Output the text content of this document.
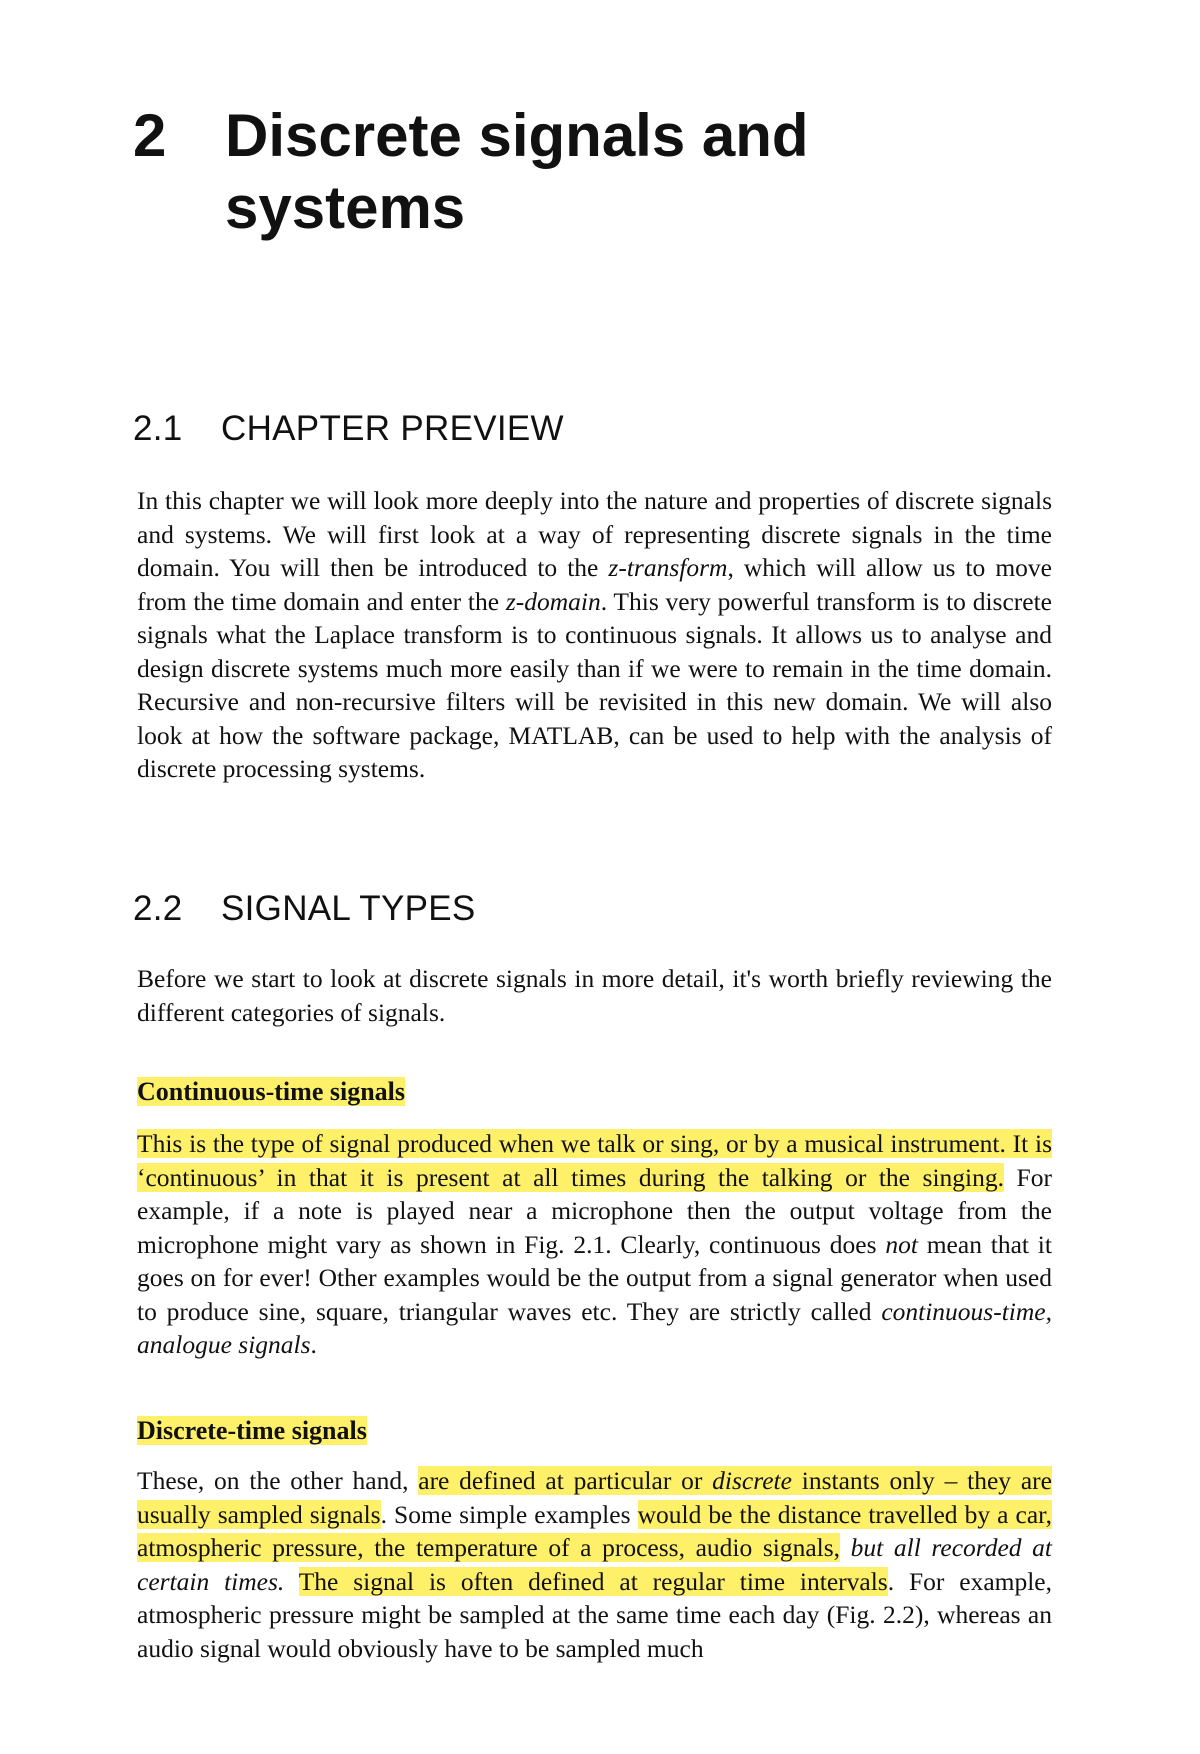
2 Discrete signals and systems
2.1 CHAPTER PREVIEW

In this chapter we will look more deeply into the nature and properties of discrete signals and systems. We will first look at a way of representing discrete signals in the time domain. You will then be introduced to the z-transform, which will allow us to move from the time domain and enter the z-domain. This very powerful transform is to discrete signals what the Laplace transform is to continuous signals. It allows us to analyse and design discrete systems much more easily than if we were to remain in the time domain. Recursive and non-recursive filters will be revisited in this new domain. We will also look at how the software package, MATLAB, can be used to help with the analysis of discrete processing systems.

2.2 SIGNAL TYPES

Before we start to look at discrete signals in more detail, it's worth briefly reviewing the different categories of signals.

Continuous-time signals

This is the type of signal produced when we talk or sing, or by a musical instrument. It is ‘continuous’ in that it is present at all times during the talking or the singing. For example, if a note is played near a microphone then the output voltage from the microphone might vary as shown in Fig. 2.1. Clearly, continuous does not mean that it goes on for ever! Other examples would be the output from a signal generator when used to produce sine, square, triangular waves etc. They are strictly called continuous-time, analogue signals.

Discrete-time signals

These, on the other hand, are defined at particular or discrete instants only – they are usually sampled signals. Some simple examples would be the distance travelled by a car, atmospheric pressure, the temperature of a process, audio signals, but all recorded at certain times. The signal is often defined at regular time intervals. For example, atmospheric pressure might be sampled at the same time each day (Fig. 2.2), whereas an audio signal would obviously have to be sampled much
